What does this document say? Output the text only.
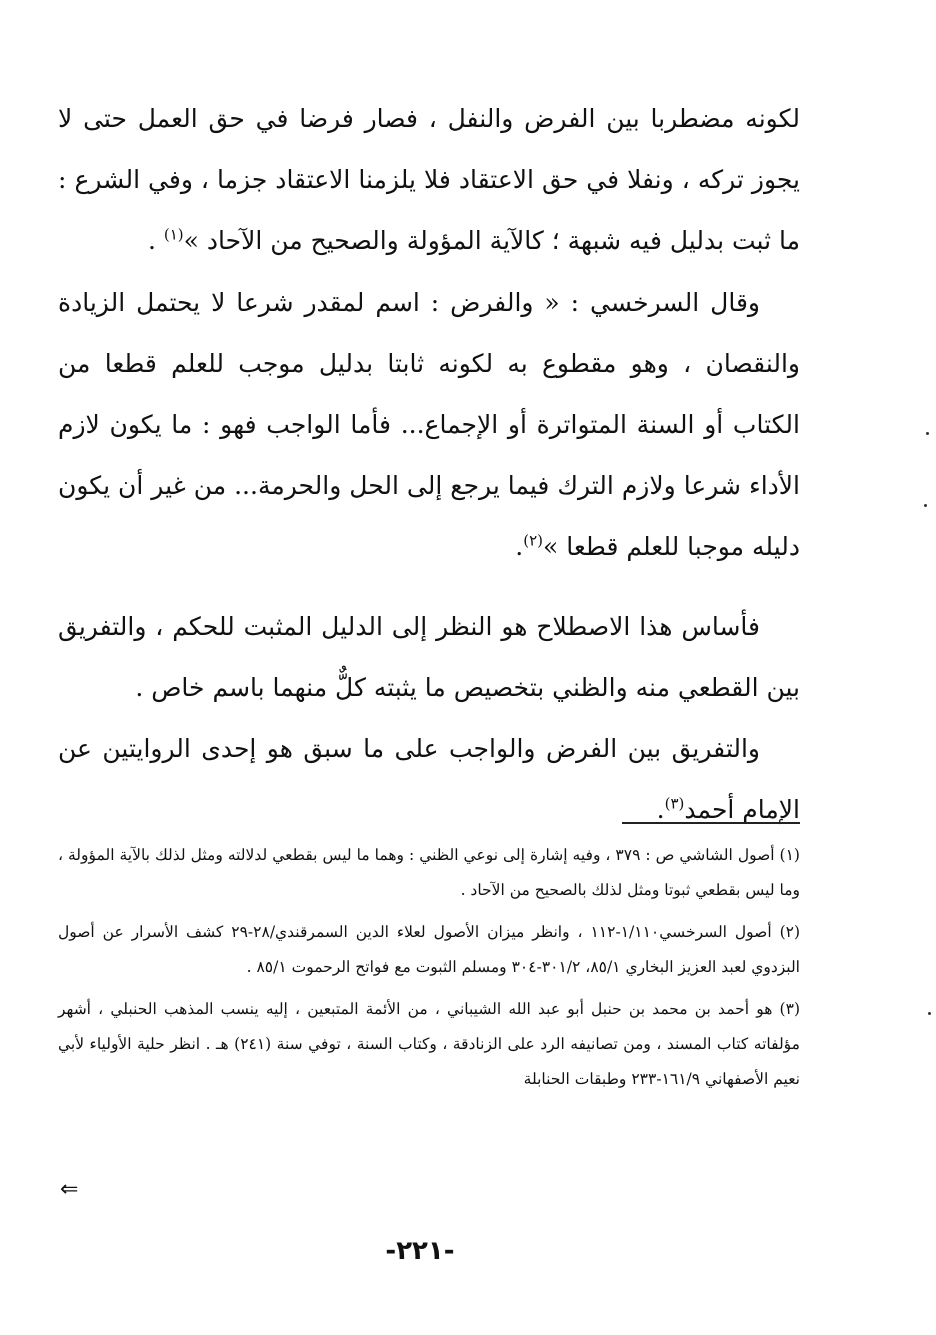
لكونه مضطربا بين الفرض والنفل ، فصار فرضا في حق العمل حتى لا يجوز تركه ، ونفلا في حق الاعتقاد فلا يلزمنا الاعتقاد جزما ، وفي الشرع : ما ثبت بدليل فيه شبهة ؛ كالآية المؤولة والصحيح من الآحاد »$^{(١)}$ .

وقال السرخسي : « والفرض : اسم لمقدر شرعا لا يحتمل الزيادة والنقصان ، وهو مقطوع به لكونه ثابتا بدليل موجب للعلم قطعا من الكتاب أو السنة المتواترة أو الإجماع... فأما الواجب فهو : ما يكون لازم الأداء شرعا ولازم الترك فيما يرجع إلى الحل والحرمة... من غير أن يكون دليله موجبا للعلم قطعا »$^{(٢)}$.

فأساس هذا الاصطلاح هو النظر إلى الدليل المثبت للحكم ، والتفريق بين القطعي منه والظني بتخصيص ما يثبته كلٌّ منهما باسم خاص .

والتفريق بين الفرض والواجب على ما سبق هو إحدى الروايتين عن الإمام أحمد$^{(٣)}$.

(١) أصول الشاشي ص : ٣٧٩ ، وفيه إشارة إلى نوعي الظني : وهما ما ليس بقطعي لدلالته ومثل لذلك بالآية المؤولة ، وما ليس بقطعي ثبوتا ومثل لذلك بالصحيح من الآحاد .

(٢) أصول السرخسي١/١١٠-١١٢ ، وانظر ميزان الأصول لعلاء الدين السمرقندي/٢٨-٢٩ كشف الأسرار عن أصول البزدوي لعبد العزيز البخاري ٨٥/١، ٣٠١/٢-٣٠٤ ومسلم الثبوت مع فواتح الرحموت ٨٥/١ .

(٣) هو أحمد بن محمد بن حنبل أبو عبد الله الشيباني ، من الأئمة المتبعين ، إليه ينسب المذهب الحنبلي ، أشهر مؤلفاته كتاب المسند ، ومن تصانيفه الرد على الزنادقة ، وكتاب السنة ، توفي سنة (٢٤١) هـ . انظر حلية الأولياء لأبي نعيم الأصفهاني ١٦١/٩-٢٣٣ وطبقات الحنابلة

⇐
-٢٢١-
